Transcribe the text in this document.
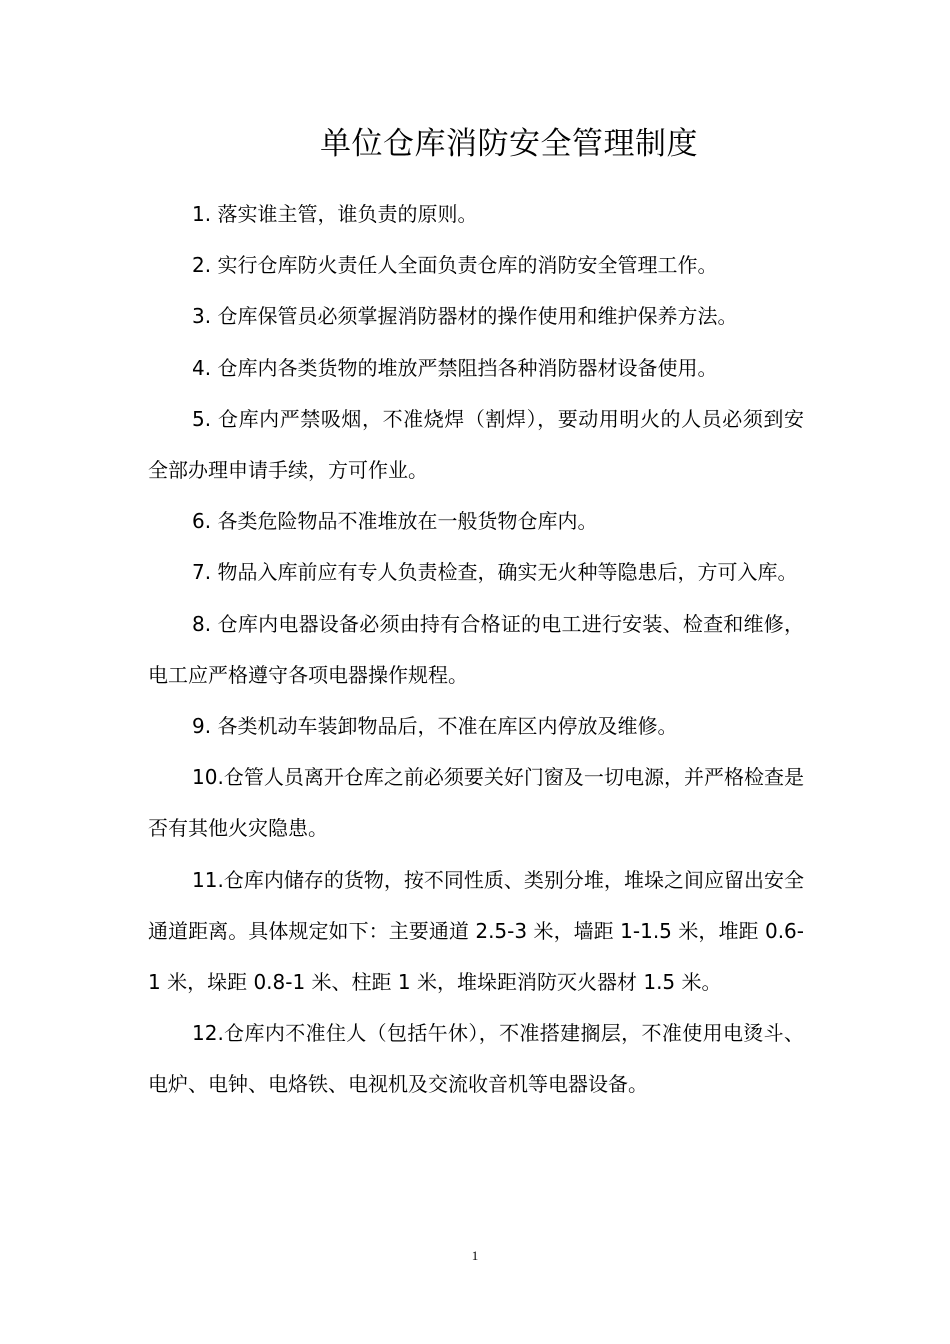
单位仓库消防安全管理制度

1. 落实谁主管，谁负责的原则。

2. 实行仓库防火责任人全面负责仓库的消防安全管理工作。

3. 仓库保管员必须掌握消防器材的操作使用和维护保养方法。

4. 仓库内各类货物的堆放严禁阻挡各种消防器材设备使用。

5. 仓库内严禁吸烟，不准烧焊（割焊），要动用明火的人员必须到安全部办理申请手续，方可作业。

6. 各类危险物品不准堆放在一般货物仓库内。

7. 物品入库前应有专人负责检查，确实无火种等隐患后，方可入库。

8. 仓库内电器设备必须由持有合格证的电工进行安装、检查和维修，电工应严格遵守各项电器操作规程。

9. 各类机动车装卸物品后，不准在库区内停放及维修。

10.仓管人员离开仓库之前必须要关好门窗及一切电源，并严格检查是否有其他火灾隐患。

11.仓库内储存的货物，按不同性质、类别分堆，堆垛之间应留出安全通道距离。具体规定如下：主要通道 2.5-3 米，墙距 1-1.5 米，堆距 0.6-1 米，垛距 0.8-1 米、柱距 1 米，堆垛距消防灭火器材 1.5 米。

12.仓库内不准住人（包括午休），不准搭建搁层，不准使用电烫斗、电炉、电钟、电烙铁、电视机及交流收音机等电器设备。

1
